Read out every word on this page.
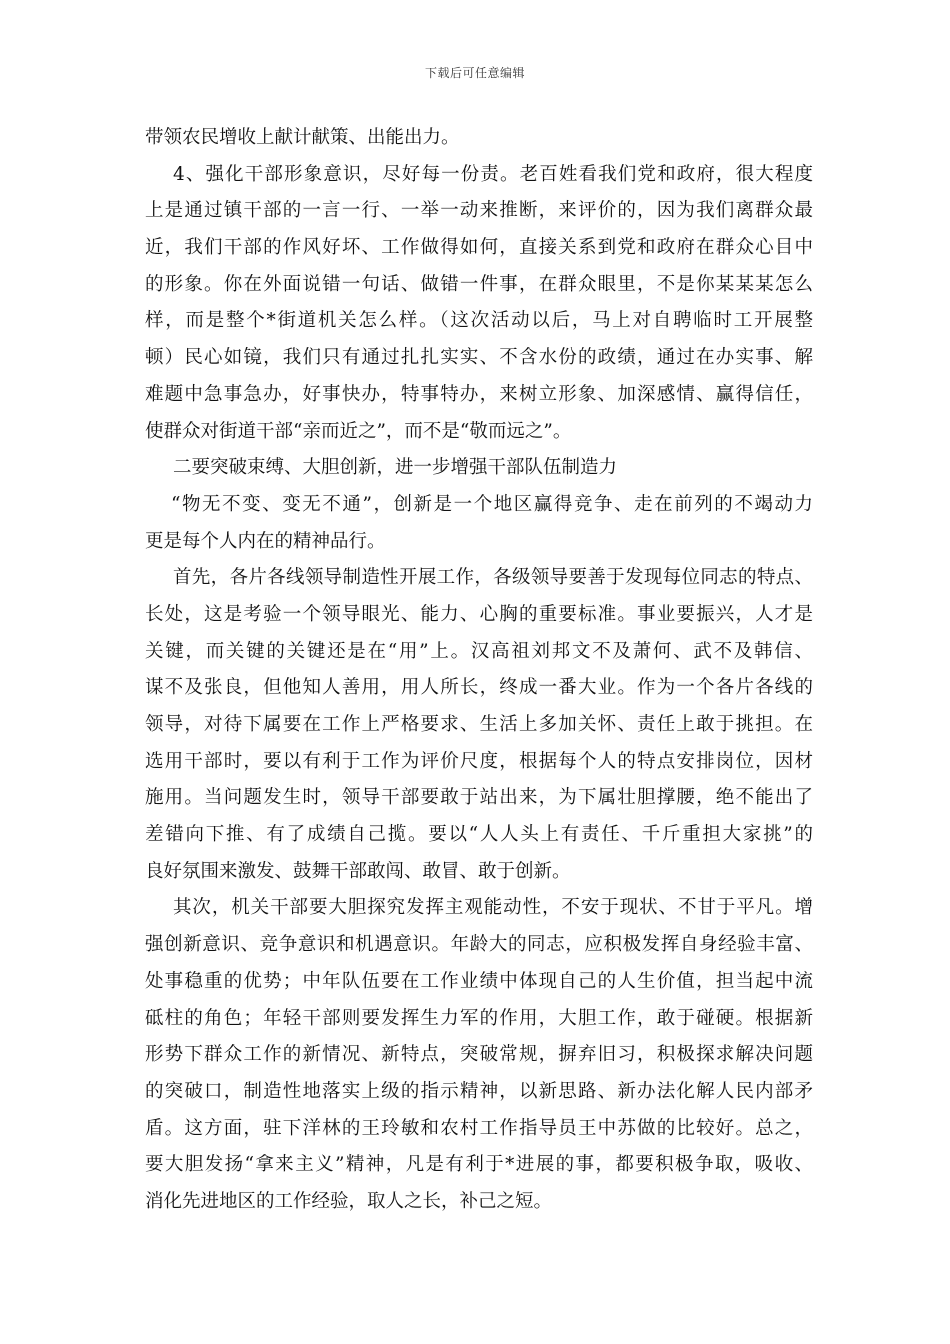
下载后可任意编辑
带领农民增收上献计献策、出能出力。
4、强化干部形象意识，尽好每一份责。老百姓看我们党和政府，很大程度
上是通过镇干部的一言一行、一举一动来推断，来评价的，因为我们离群众最
近，我们干部的作风好坏、工作做得如何，直接关系到党和政府在群众心目中
的形象。你在外面说错一句话、做错一件事，在群众眼里，不是你某某某怎么
样，而是整个*街道机关怎么样。（这次活动以后，马上对自聘临时工开展整
顿）民心如镜，我们只有通过扎扎实实、不含水份的政绩，通过在办实事、解
难题中急事急办，好事快办，特事特办，来树立形象、加深感情、赢得信任，
使群众对街道干部“亲而近之”，而不是“敬而远之”。
二要突破束缚、大胆创新，进一步增强干部队伍制造力
“物无不变、变无不通”，创新是一个地区赢得竞争、走在前列的不竭动力
更是每个人内在的精神品行。
首先，各片各线领导制造性开展工作，各级领导要善于发现每位同志的特点、
长处，这是考验一个领导眼光、能力、心胸的重要标准。事业要振兴，人才是
关键，而关键的关键还是在“用”上。汉高祖刘邦文不及萧何、武不及韩信、
谋不及张良，但他知人善用，用人所长，终成一番大业。作为一个各片各线的
领导，对待下属要在工作上严格要求、生活上多加关怀、责任上敢于挑担。在
选用干部时，要以有利于工作为评价尺度，根据每个人的特点安排岗位，因材
施用。当问题发生时，领导干部要敢于站出来，为下属壮胆撑腰，绝不能出了
差错向下推、有了成绩自己揽。要以“人人头上有责任、千斤重担大家挑”的
良好氛围来激发、鼓舞干部敢闯、敢冒、敢于创新。
其次，机关干部要大胆探究发挥主观能动性，不安于现状、不甘于平凡。增
强创新意识、竞争意识和机遇意识。年龄大的同志，应积极发挥自身经验丰富、
处事稳重的优势；中年队伍要在工作业绩中体现自己的人生价值，担当起中流
砥柱的角色；年轻干部则要发挥生力军的作用，大胆工作，敢于碰硬。根据新
形势下群众工作的新情况、新特点，突破常规，摒弃旧习，积极探求解决问题
的突破口，制造性地落实上级的指示精神，以新思路、新办法化解人民内部矛
盾。这方面，驻下洋林的王玲敏和农村工作指导员王中苏做的比较好。总之，
要大胆发扬“拿来主义”精神，凡是有利于*进展的事，都要积极争取，吸收、
消化先进地区的工作经验，取人之长，补己之短。
